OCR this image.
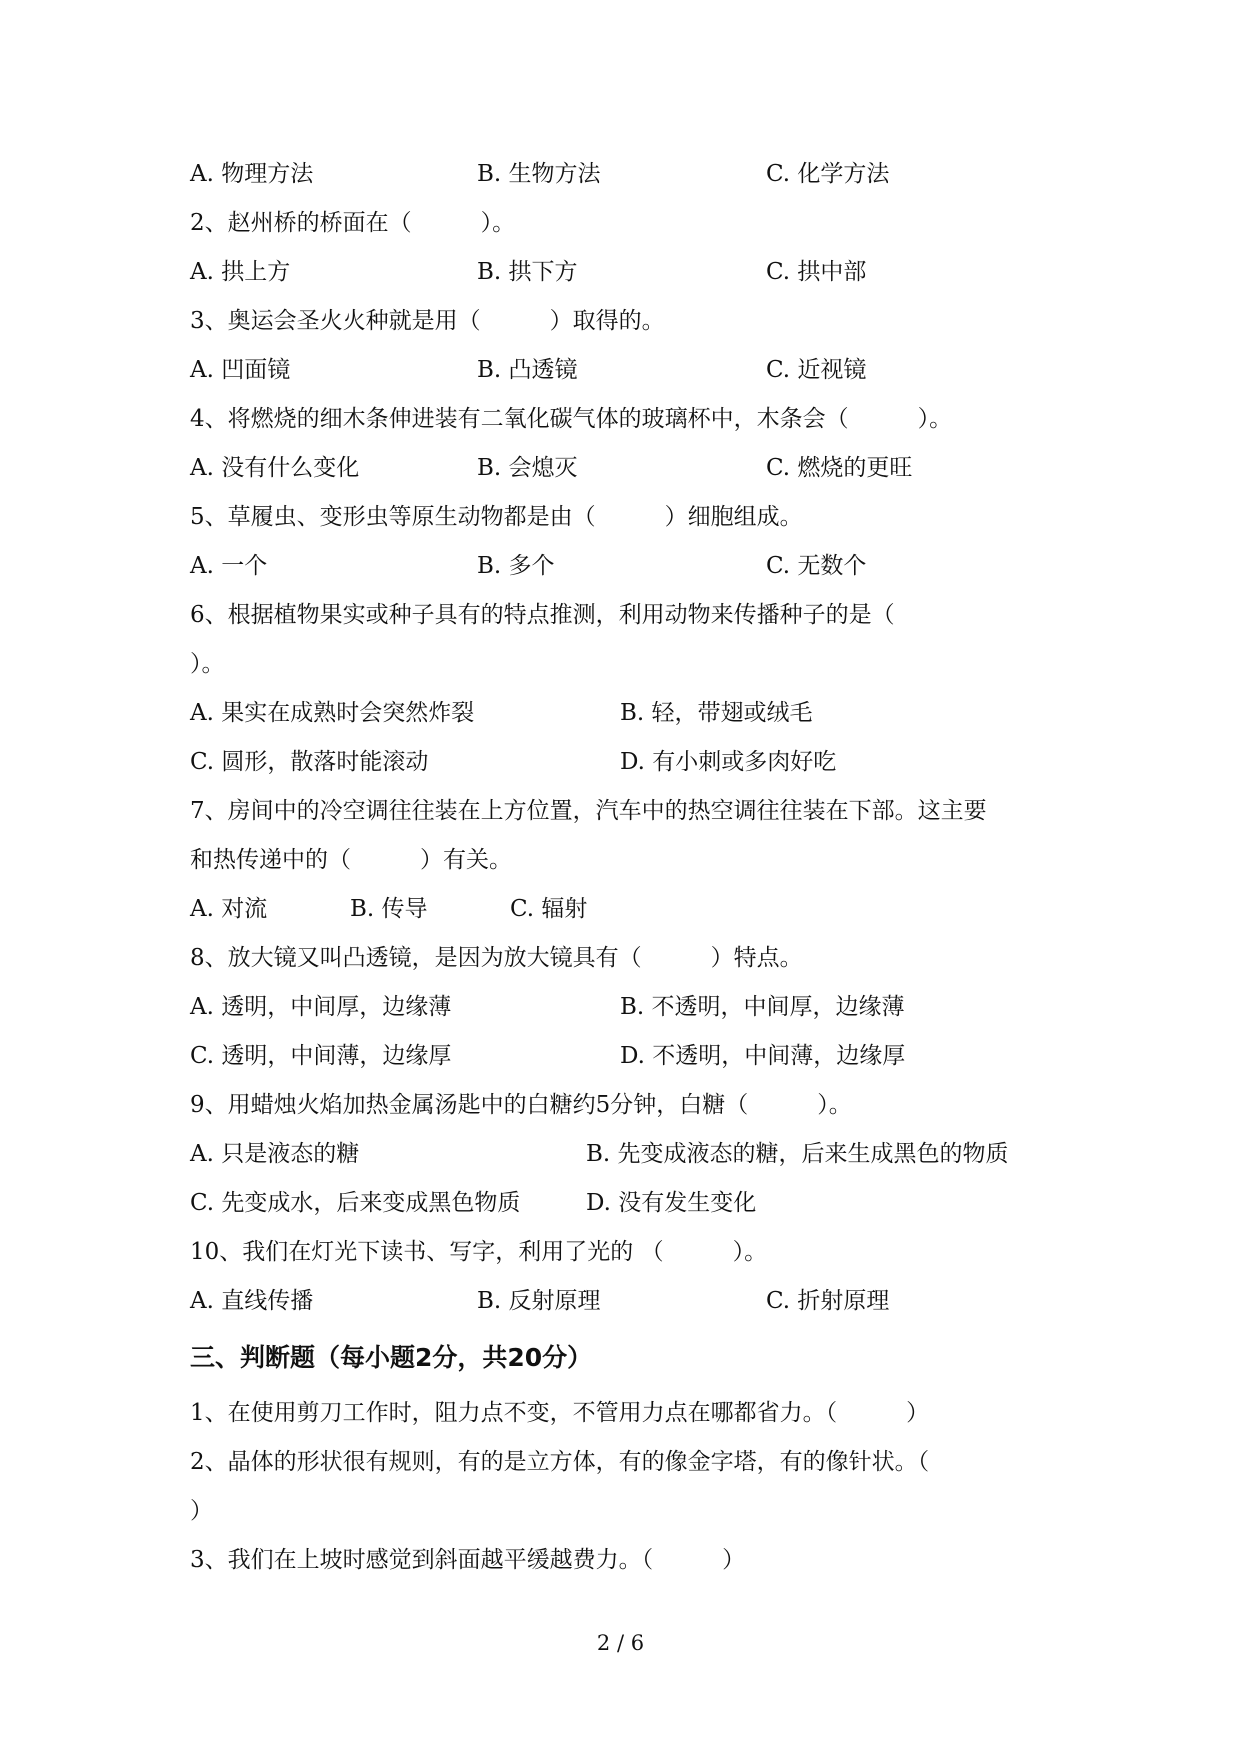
A. 物理方法	B. 生物方法	C. 化学方法
2、赵州桥的桥面在（　　　）。
A. 拱上方	B. 拱下方	C. 拱中部
3、奥运会圣火火种就是用（　　　）取得的。
A. 凹面镜	B. 凸透镜	C. 近视镜
4、将燃烧的细木条伸进装有二氧化碳气体的玻璃杯中，木条会（　　　）。
A. 没有什么变化	B. 会熄灭	C. 燃烧的更旺
5、草履虫、变形虫等原生动物都是由（　　　）细胞组成。
A. 一个	B. 多个	C. 无数个
6、根据植物果实或种子具有的特点推测，利用动物来传播种子的是（
）。
A. 果实在成熟时会突然炸裂	B. 轻，带翅或绒毛
C. 圆形，散落时能滚动	D. 有小刺或多肉好吃
7、房间中的冷空调往往装在上方位置，汽车中的热空调往往装在下部。这主要
和热传递中的（　　　）有关。
A. 对流	B. 传导	C. 辐射
8、放大镜又叫凸透镜，是因为放大镜具有（　　　）特点。
A. 透明，中间厚，边缘薄	B. 不透明，中间厚，边缘薄
C. 透明，中间薄，边缘厚	D. 不透明，中间薄，边缘厚
9、用蜡烛火焰加热金属汤匙中的白糖约5分钟，白糖（　　　）。
A. 只是液态的糖	B. 先变成液态的糖，后来生成黑色的物质
C. 先变成水，后来变成黑色物质	D. 没有发生变化
10、我们在灯光下读书、写字，利用了光的 （　　　）。
A. 直线传播	B. 反射原理	C. 折射原理
三、判断题（每小题2分，共20分）
1、在使用剪刀工作时，阻力点不变，不管用力点在哪都省力。（　　　）
2、晶体的形状很有规则，有的是立方体，有的像金字塔，有的像针状。（
）
3、我们在上坡时感觉到斜面越平缓越费力。（　　　）
2 / 6
